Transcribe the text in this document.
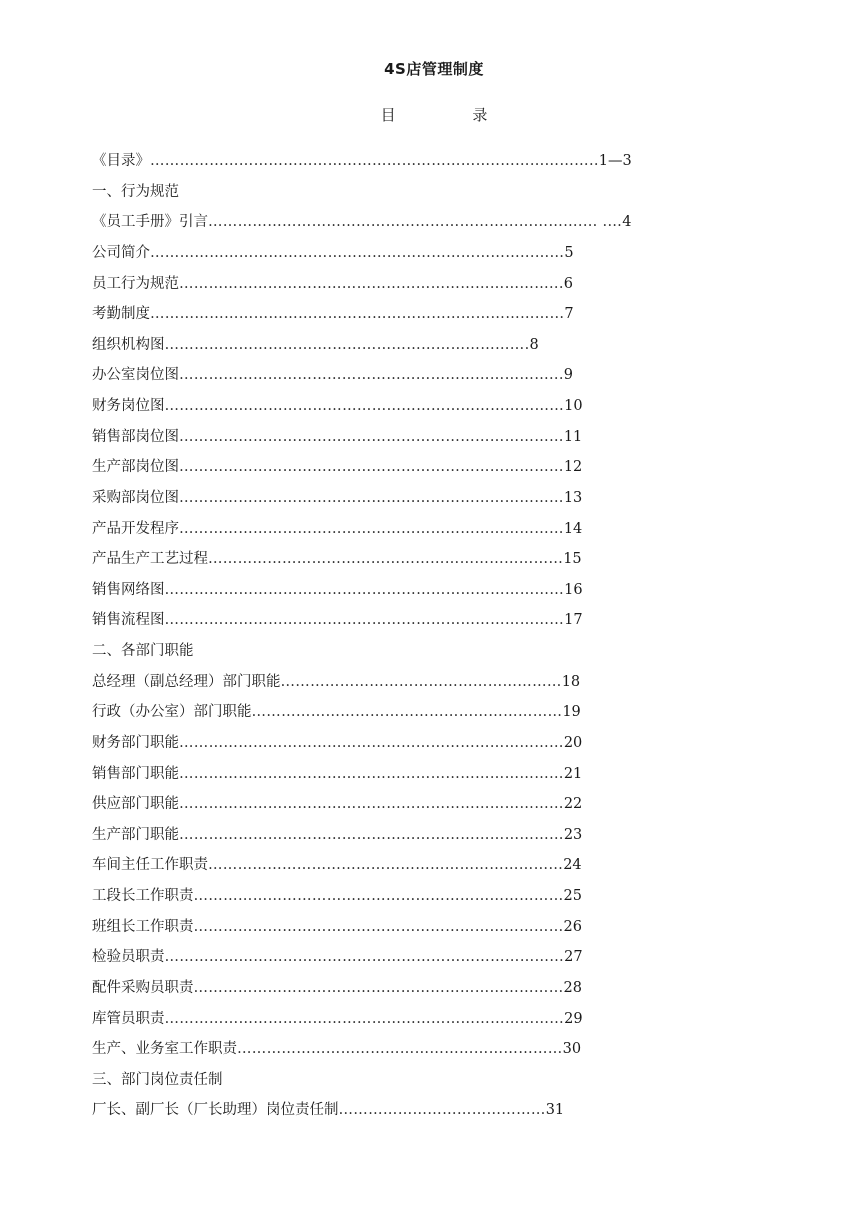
4S店管理制度
目 录
《目录》……………………………………………………………..……...………..1—3
一、行为规范
《员工手册》引言……………………………………………………...………….... .…4
公司简介…………………………………………………………………...……5
员工行为规范…………………………………………………………………...6
考勤制度………………………………………………………………………...7
组织机构图…………………………….………………………………….8
办公室岗位图…………………………………………………………………...9
财务岗位图………………………………………………………………………10
销售部岗位图……………………………………………………………………11
生产部岗位图……………………………………………………………………12
采购部岗位图……………………………………………………………………13
产品开发程序……………………………………………………………………14
产品生产工艺过程………………………………………………………………15
销售网络图………………………………………………………………………16
销售流程图………………………………………………………………………17
二、各部门职能
总经理（副总经理）部门职能…………………………………………………18
行政（办公室）部门职能………………………………………………………19
财务部门职能……………………………………………………………………20
销售部门职能……………………………………………………………………21
供应部门职能……………………………………………………………………22
生产部门职能……………………………………………………………………23
车间主任工作职责………………………………………………………………24
工段长工作职责…………………………………………………………………25
班组长工作职责…………………………………………………………………26
检验员职责………………………………………………………………………27
配件采购员职责…………………………………………………………………28
库管员职责………………………………………………………………………29
生产、业务室工作职责…………………………………………………………30
三、部门岗位责任制
厂长、副厂长（厂长助理）岗位责任制……………………………………31
